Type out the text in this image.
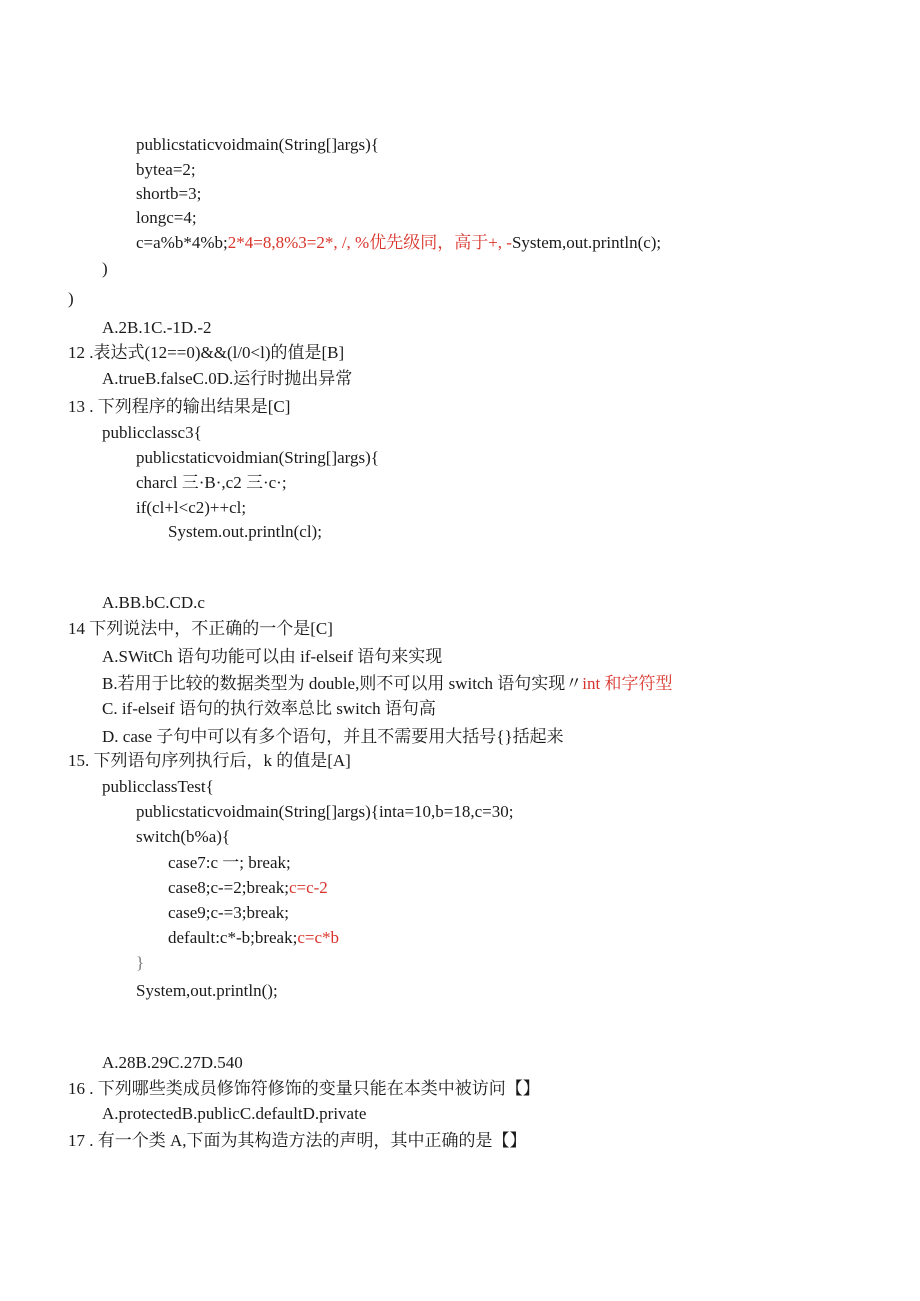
publicstaticvoidmain(String[]args){
bytea=2;
shortb=3;
longc=4;
c=a%b*4%b;2*4=8,8%3=2*, /, %优先级同，高于+, -System,out.println(c);
)
)
A.2B.1C.-1D.-2
12 .表达式(12==0)&&(l/0<l)的值是[B]
A.trueB.falseC.0D.运行时抛出异常
13 . 下列程序的输出结果是[C]
publicclassc3{
publicstaticvoidmian(String[]args){
charcl 三·B·,c2 三·c·;
if(cl+l<c2)++cl;
System.out.println(cl);
A.BB.bC.CD.c
14 下列说法中，不正确的一个是[C]
A.SWitCh 语句功能可以由 if-elseif 语句来实现
B.若用于比较的数据类型为 double,则不可以用 switch 语句实现〃int 和字符型
C. if-elseif 语句的执行效率总比 switch 语句高
D. case 子句中可以有多个语句，并且不需要用大括号{}括起来
15. 下列语句序列执行后，k 的值是[A]
publicclassTest{
publicstaticvoidmain(String[]args){inta=10,b=18,c=30;
switch(b%a){
case7:c 一; break;
case8;c-=2;break;c=c-2
case9;c-=3;break;
default:c*-b;break;c=c*b
}
System,out.println();
A.28B.29C.27D.540
16 . 下列哪些类成员修饰符修饰的变量只能在本类中被访问【】
A.protectedB.publicC.defaultD.private
17 . 有一个类 A,下面为其构造方法的声明，其中正确的是【】
